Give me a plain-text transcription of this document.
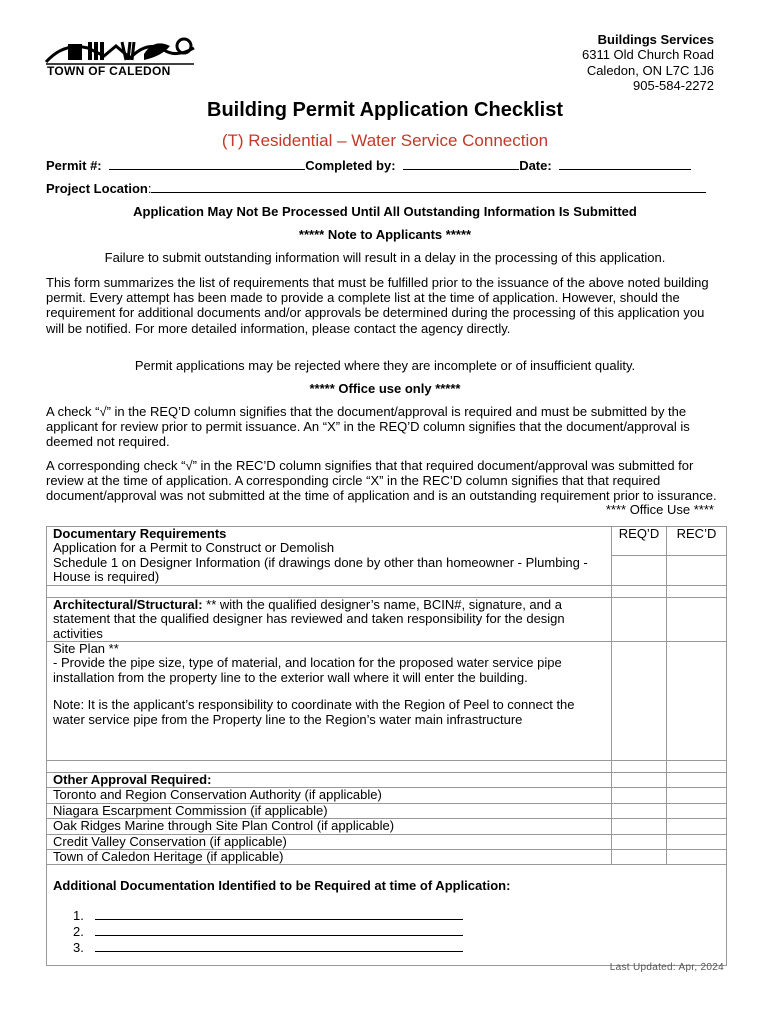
TOWN OF CALEDON
Buildings Services
6311 Old Church Road
Caledon, ON L7C 1J6
905-584-2272
Building Permit Application Checklist
(T) Residential – Water Service Connection
Permit #:	Completed by:	Date:
Project Location:
Application May Not Be Processed Until All Outstanding Information Is Submitted
***** Note to Applicants *****
Failure to submit outstanding information will result in a delay in the processing of this application.
This form summarizes the list of requirements that must be fulfilled prior to the issuance of the above noted building permit. Every attempt has been made to provide a complete list at the time of application. However, should the requirement for additional documents and/or approvals be determined during the processing of this application you will be notified. For more detailed information, please contact the agency directly.
Permit applications may be rejected where they are incomplete or of insufficient quality.
***** Office use only *****
A check “√” in the REQ’D column signifies that the document/approval is required and must be submitted by the applicant for review prior to permit issuance. An “X” in the REQ’D column signifies that the document/approval is deemed not required.
A corresponding check “√” in the REC’D column signifies that that required document/approval was submitted for review at the time of application. A corresponding circle “X” in the REC’D column signifies that that required document/approval was not submitted at the time of application and is an outstanding requirement prior to issurance.
**** Office Use ****
Documentary Requirements
Application for a Permit to Construct or Demolish	REQ’D	REC’D

Schedule 1 on Designer Information (if drawings done by other than homeowner - Plumbing - House is required)		

Architectural/Structural: ** with the qualified designer’s name, BCIN#, signature, and a statement that the qualified designer has reviewed and taken responsibility for the design activities		

Site Plan **
- Provide the pipe size, type of material, and location for the proposed water service pipe installation from the property line to the exterior wall where it will enter the building.
Note: It is the applicant’s responsibility to coordinate with the Region of Peel to connect the water service pipe from the Property line to the Region’s water main infrastructure		

Other Approval Required:		
Toronto and Region Conservation Authority (if applicable)		
Niagara Escarpment Commission (if applicable)		
Oak Ridges Marine through Site Plan Control (if applicable)		
Credit Valley Conservation (if applicable)		
Town of Caledon Heritage (if applicable)		

Additional Documentation Identified to be Required at time of Application:
1.
2.
3.		
Last Updated: Apr, 2024
